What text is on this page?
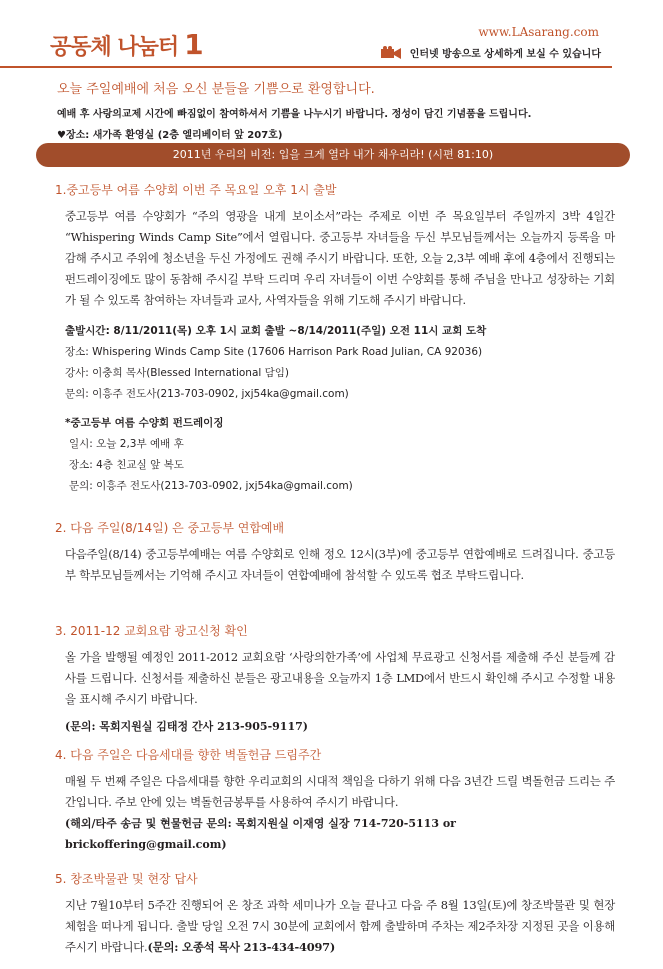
공동체 나눔터 1	www.LAsarang.com
인터넷 방송으로 상세하게 보실 수 있습니다

오늘 주일예배에 처음 오신 분들을 기쁨으로 환영합니다.

예배 후 사랑의교제 시간에 빠짐없이 참여하셔서 기쁨을 나누시기 바랍니다. 정성이 담긴 기념품을 드립니다.

♥장소: 새가족 환영실 (2층 엘리베이터 앞 207호)

2011년 우리의 비전: 입을 크게 열라 내가 채우리라! (시편 81:10)

1.중고등부 여름 수양회 이번 주 목요일 오후 1시 출발

중고등부 여름 수양회가 “주의 영광을 내게 보이소서”라는 주제로 이번 주 목요일부터 주일까지 3박 4일간 “Whispering Winds Camp Site”에서 열립니다. 중고등부 자녀들을 두신 부모님들께서는 오늘까지 등록을 마감해 주시고 주위에 청소년을 두신 가정에도 권해 주시기 바랍니다. 또한, 오늘 2,3부 예배 후에 4층에서 진행되는 펀드레이징에도 많이 동참해 주시길 부탁 드리며 우리 자녀들이 이번 수양회를 통해 주님을 만나고 성장하는 기회가 될 수 있도록 참여하는 자녀들과 교사, 사역자들을 위해 기도해 주시기 바랍니다.

출발시간: 8/11/2011(목) 오후 1시 교회 출발 ~8/14/2011(주일) 오전 11시 교회 도착
장소: Whispering Winds Camp Site (17606 Harrison Park Road Julian, CA 92036)
강사: 이충희 목사(Blessed International 담임)
문의: 이흥주 전도사(213-703-0902, jxj54ka@gmail.com)
*중고등부 여름 수양회 펀드레이징
일시: 오늘 2,3부 예배 후
장소: 4층 친교실 앞 복도
문의: 이흥주 전도사(213-703-0902, jxj54ka@gmail.com)

2. 다음 주일(8/14일) 은 중고등부 연합예배

다음주일(8/14) 중고등부예배는 여름 수양회로 인해 정오 12시(3부)에 중고등부 연합예배로 드려집니다. 중고등부 학부모님들께서는 기억해 주시고 자녀들이 연합예배에 참석할 수 있도록 협조 부탁드립니다.

3. 2011-12 교회요람 광고신청 확인

올 가을 발행될 예정인 2011-2012 교회요람 ‘사랑의한가족’에 사업체 무료광고 신청서를 제출해 주신 분들께 감사를 드립니다. 신청서를 제출하신 분들은 광고내용을 오늘까지 1층 LMD에서 반드시 확인해 주시고 수정할 내용을 표시해 주시기 바랍니다.

(문의: 목회지원실 김태정 간사 213-905-9117)

4. 다음 주일은 다음세대를 향한 벽돌헌금 드림주간

매월 두 번째 주일은 다음세대를 향한 우리교회의 시대적 책임을 다하기 위해 다음 3년간 드릴 벽돌헌금 드리는 주간입니다. 주보 안에 있는 벽돌헌금봉투를 사용하여 주시기 바랍니다.

(해외/타주 송금 및 현물헌금 문의: 목회지원실 이재영 실장 714-720-5113 or brickoffering@gmail.com)

5. 창조박물관 및 현장 답사

지난 7월10부터 5주간 진행되어 온 창조 과학 세미나가 오늘 끝나고 다음 주 8월 13일(토)에 창조박물관 및 현장 체험을 떠나게 됩니다. 출발 당일 오전 7시 30분에 교회에서 함께 출발하며 주차는 제2주차장 지정된 곳을 이용해 주시기 바랍니다.(문의: 오종석 목사 213-434-4097)
